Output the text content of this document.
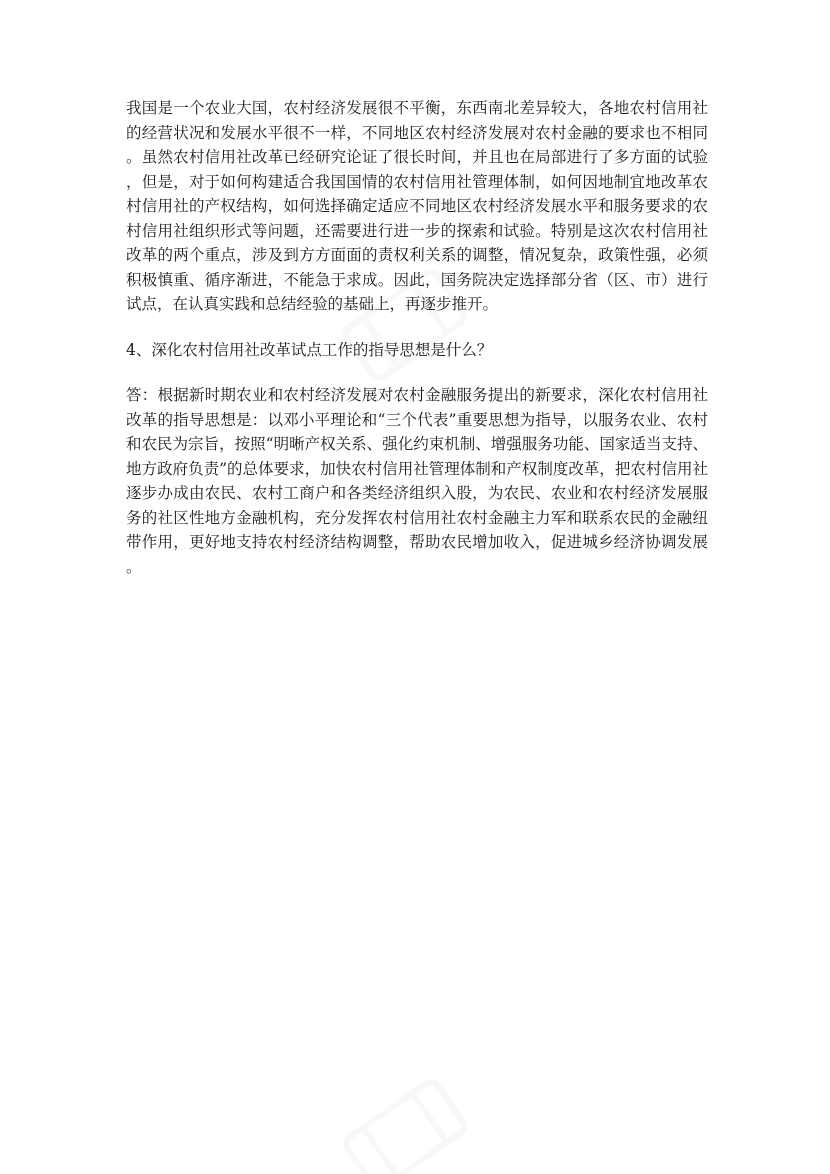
我国是一个农业大国，农村经济发展很不平衡，东西南北差异较大，各地农村信用社的经营状况和发展水平很不一样，不同地区农村经济发展对农村金融的要求也不相同。虽然农村信用社改革已经研究论证了很长时间，并且也在局部进行了多方面的试验，但是，对于如何构建适合我国国情的农村信用社管理体制，如何因地制宜地改革农村信用社的产权结构，如何选择确定适应不同地区农村经济发展水平和服务要求的农村信用社组织形式等问题，还需要进行进一步的探索和试验。特别是这次农村信用社改革的两个重点，涉及到方方面面的责权利关系的调整，情况复杂，政策性强，必须积极慎重、循序渐进，不能急于求成。因此，国务院决定选择部分省（区、市）进行试点，在认真实践和总结经验的基础上，再逐步推开。

4、深化农村信用社改革试点工作的指导思想是什么？

答：根据新时期农业和农村经济发展对农村金融服务提出的新要求，深化农村信用社改革的指导思想是：以邓小平理论和“三个代表”重要思想为指导，以服务农业、农村和农民为宗旨，按照“明晰产权关系、强化约束机制、增强服务功能、国家适当支持、地方政府负责”的总体要求，加快农村信用社管理体制和产权制度改革，把农村信用社逐步办成由农民、农村工商户和各类经济组织入股，为农民、农业和农村经济发展服务的社区性地方金融机构，充分发挥农村信用社农村金融主力军和联系农民的金融纽带作用，更好地支持农村经济结构调整，帮助农民增加收入，促进城乡经济协调发展。
